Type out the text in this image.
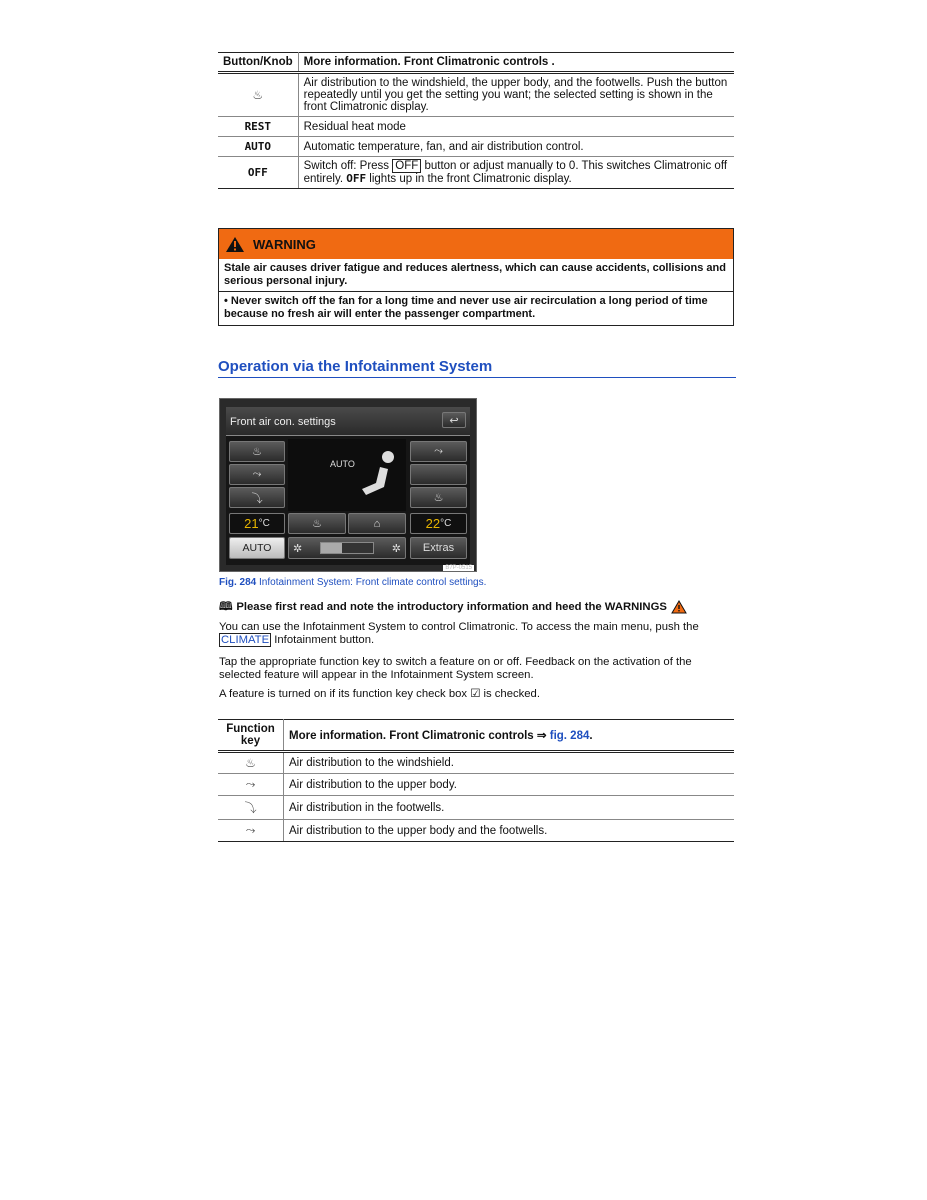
Button/Knob	More information. Front Climatronic controls .
♨	Air distribution to the windshield, the upper body, and the footwells. Push the button repeatedly until you get the setting you want; the selected setting is shown in the front Climatronic display.
REST	Residual heat mode
AUTO	Automatic temperature, fan, and air distribution control.
OFF	Switch off: Press OFF button or adjust manually to 0. This switches Climatronic off entirely. OFF lights up in the front Climatronic display.
WARNING

Stale air causes driver fatigue and reduces alertness, which can cause accidents, collisions and serious personal injury.

• Never switch off the fan for a long time and never use air recirculation a long period of time because no fresh air will enter the passenger compartment.

Operation via the Infotainment System
Front air con. settings	↩
♨
⤳
⤵
AUTO
⤳
♨
21 °C	♨	⌂	22 °C
AUTO ✲	✲ Extras
B7P-0515
Fig. 284 Infotainment System: Front climate control settings.
🕮 Please first read and note the introductory information and heed the WARNINGS
You can use the Infotainment System to control Climatronic. To access the main menu, push the CLIMATE Infotainment button.
Tap the appropriate function key to switch a feature on or off. Feedback on the activation of the selected feature will appear in the Infotainment System screen.
A feature is turned on if its function key check box ☑ is checked.
Function key	More information. Front Climatronic controls ⇒ fig. 284.
♨	Air distribution to the windshield.
⤳	Air distribution to the upper body.
⤵	Air distribution in the footwells.
⤳	Air distribution to the upper body and the footwells.
